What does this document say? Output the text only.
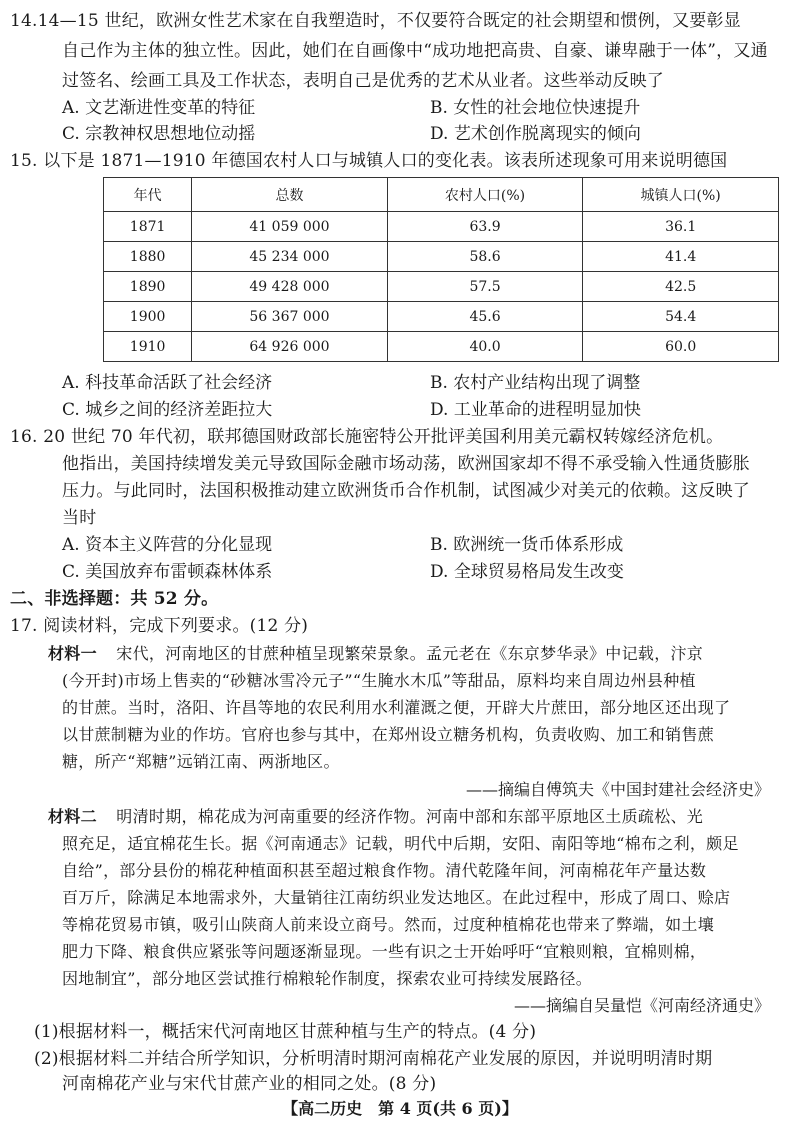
14.14—15 世纪，欧洲女性艺术家在自我塑造时，不仅要符合既定的社会期望和惯例，又要彰显
自己作为主体的独立性。因此，她们在自画像中“成功地把高贵、自豪、谦卑融于一体”，又通
过签名、绘画工具及工作状态，表明自己是优秀的艺术从业者。这些举动反映了
A. 文艺渐进性变革的特征	B. 女性的社会地位快速提升
C. 宗教神权思想地位动摇	D. 艺术创作脱离现实的倾向
15. 以下是 1871—1910 年德国农村人口与城镇人口的变化表。该表所述现象可用来说明德国
年代	总数	农村人口(%)	城镇人口(%)
1871	41 059 000	63.9	36.1
1880	45 234 000	58.6	41.4
1890	49 428 000	57.5	42.5
1900	56 367 000	45.6	54.4
1910	64 926 000	40.0	60.0
A. 科技革命活跃了社会经济	B. 农村产业结构出现了调整
C. 城乡之间的经济差距拉大	D. 工业革命的进程明显加快
16. 20 世纪 70 年代初，联邦德国财政部长施密特公开批评美国利用美元霸权转嫁经济危机。
他指出，美国持续增发美元导致国际金融市场动荡，欧洲国家却不得不承受输入性通货膨胀
压力。与此同时，法国积极推动建立欧洲货币合作机制，试图减少对美元的依赖。这反映了
当时
A. 资本主义阵营的分化显现	B. 欧洲统一货币体系形成
C. 美国放弃布雷顿森林体系	D. 全球贸易格局发生改变
二、非选择题：共 52 分。
17. 阅读材料，完成下列要求。(12 分)
材料一 宋代，河南地区的甘蔗种植呈现繁荣景象。孟元老在《东京梦华录》中记载，汴京
(今开封)市场上售卖的“砂糖冰雪冷元子”“生腌水木瓜”等甜品，原料均来自周边州县种植
的甘蔗。当时，洛阳、许昌等地的农民利用水利灌溉之便，开辟大片蔗田，部分地区还出现了
以甘蔗制糖为业的作坊。官府也参与其中，在郑州设立糖务机构，负责收购、加工和销售蔗
糖，所产“郑糖”远销江南、两浙地区。
——摘编自傅筑夫《中国封建社会经济史》
材料二 明清时期，棉花成为河南重要的经济作物。河南中部和东部平原地区土质疏松、光
照充足，适宜棉花生长。据《河南通志》记载，明代中后期，安阳、南阳等地“棉布之利，颇足
自给”，部分县份的棉花种植面积甚至超过粮食作物。清代乾隆年间，河南棉花年产量达数
百万斤，除满足本地需求外，大量销往江南纺织业发达地区。在此过程中，形成了周口、赊店
等棉花贸易市镇，吸引山陕商人前来设立商号。然而，过度种植棉花也带来了弊端，如土壤
肥力下降、粮食供应紧张等问题逐渐显现。一些有识之士开始呼吁“宜粮则粮，宜棉则棉，
因地制宜”，部分地区尝试推行棉粮轮作制度，探索农业可持续发展路径。
——摘编自吴量恺《河南经济通史》
(1)根据材料一，概括宋代河南地区甘蔗种植与生产的特点。(4 分)
(2)根据材料二并结合所学知识，分析明清时期河南棉花产业发展的原因，并说明明清时期
河南棉花产业与宋代甘蔗产业的相同之处。(8 分)
【高二历史　第 4 页(共 6 页)】
